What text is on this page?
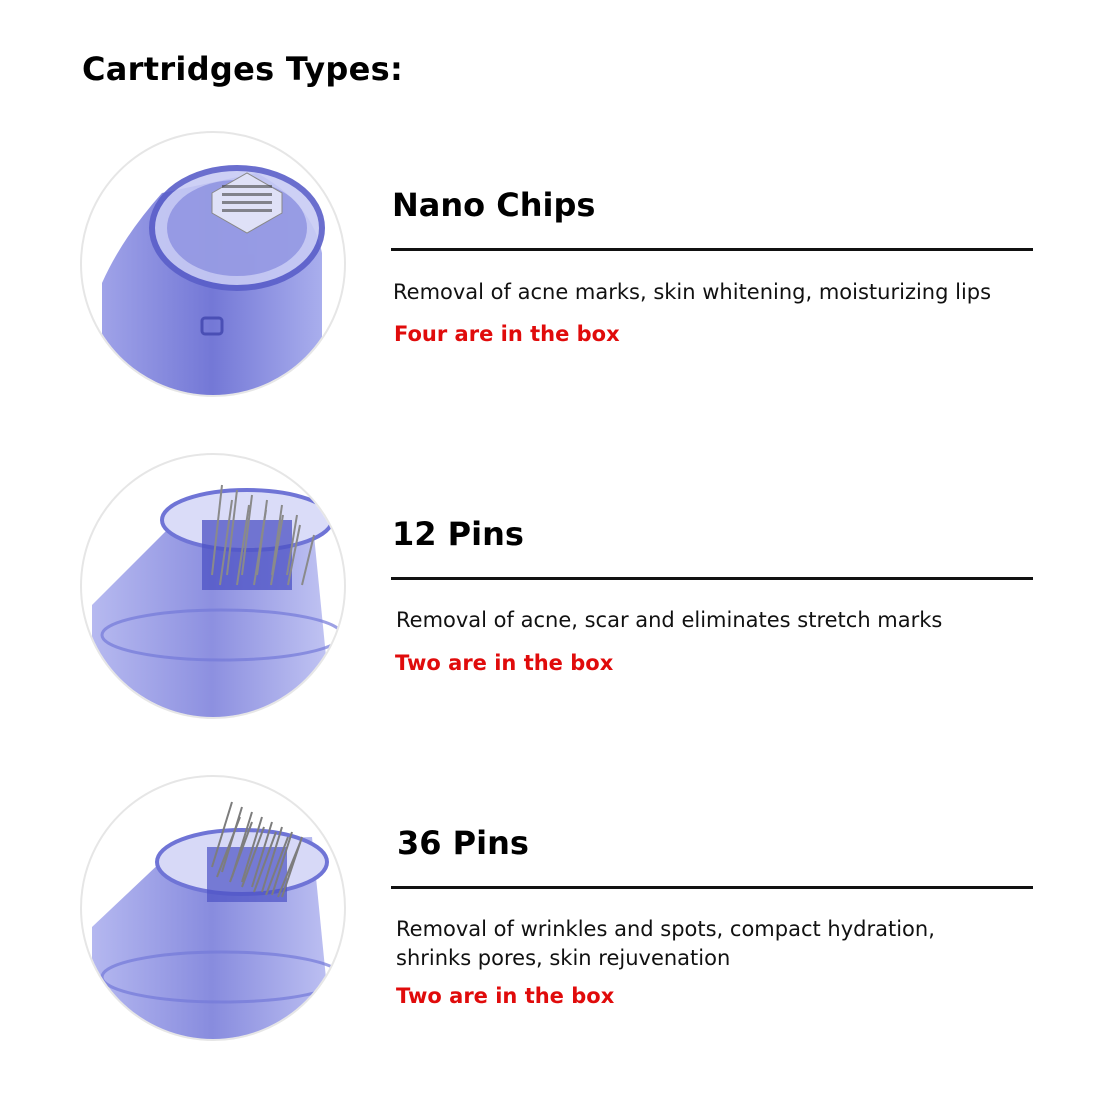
Cartridges Types:
Nano Chips
Removal of acne marks, skin whitening, moisturizing lips
Four are in the box
12 Pins
Removal of acne, scar and eliminates stretch marks
Two are in the box
36 Pins
Removal of wrinkles and spots, compact hydration,
shrinks pores, skin rejuvenation
Two are in the box
